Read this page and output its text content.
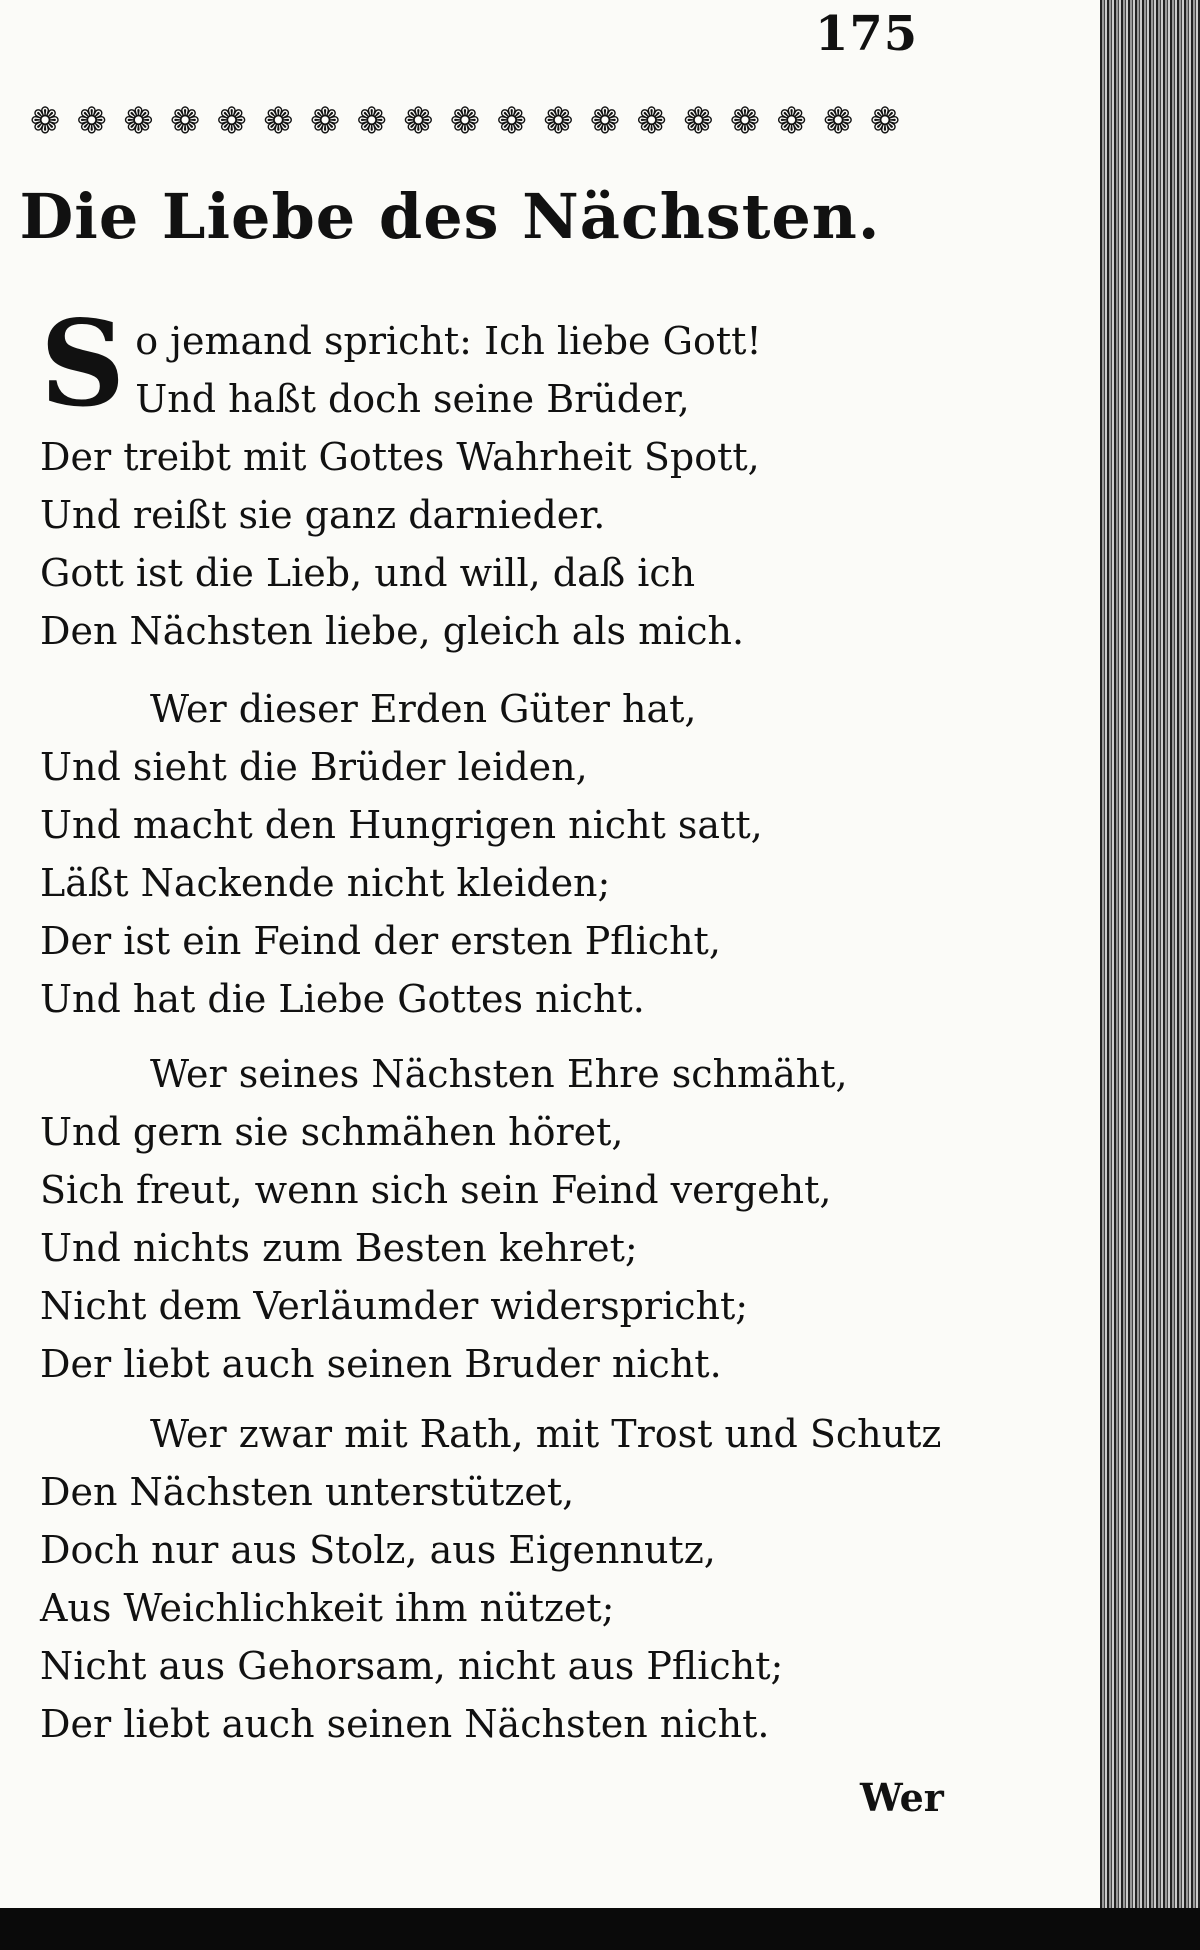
175
❁ ❁ ❁ ❁ ❁ ❁ ❁ ❁ ❁ ❁ ❁ ❁ ❁ ❁ ❁ ❁ ❁ ❁ ❁
Die Liebe des Nächsten.
S o jemand spricht: Ich liebe Gott!
Und haßt doch seine Brüder,
Der treibt mit Gottes Wahrheit Spott,
Und reißt sie ganz darnieder.
Gott ist die Lieb, und will, daß ich
Den Nächsten liebe, gleich als mich.
Wer dieser Erden Güter hat,
Und sieht die Brüder leiden,
Und macht den Hungrigen nicht satt,
Läßt Nackende nicht kleiden;
Der ist ein Feind der ersten Pflicht,
Und hat die Liebe Gottes nicht.
Wer seines Nächsten Ehre schmäht,
Und gern sie schmähen höret,
Sich freut, wenn sich sein Feind vergeht,
Und nichts zum Besten kehret;
Nicht dem Verläumder widerspricht;
Der liebt auch seinen Bruder nicht.
Wer zwar mit Rath, mit Trost und Schutz
Den Nächsten unterstützet,
Doch nur aus Stolz, aus Eigennutz,
Aus Weichlichkeit ihm nützet;
Nicht aus Gehorsam, nicht aus Pflicht;
Der liebt auch seinen Nächsten nicht.
Wer
